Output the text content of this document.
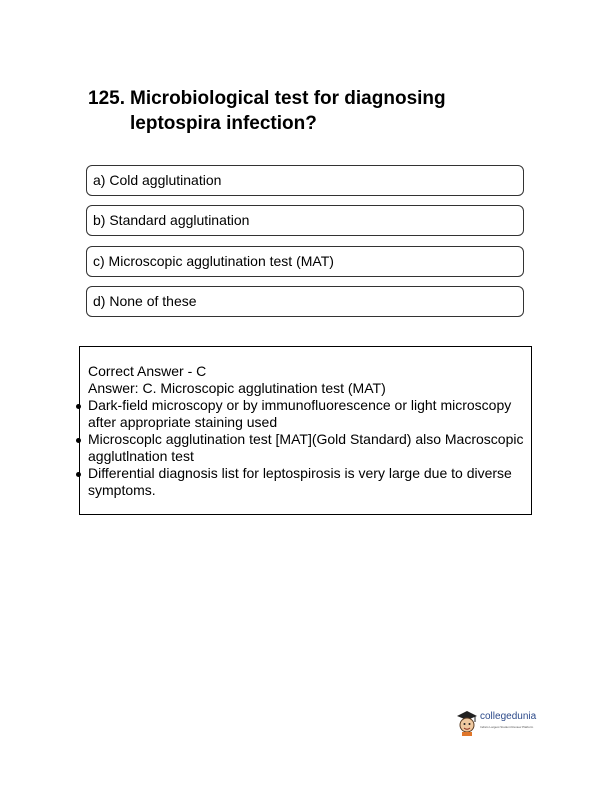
125. Microbiological test for diagnosing leptospira infection?
a) Cold agglutination
b) Standard agglutination
c) Microscopic agglutination test (MAT)
d) None of these
Correct Answer - C
Answer: C. Microscopic agglutination test (MAT)
Dark-field microscopy or by immunofluorescence or light microscopy after appropriate staining used
Microscoplc agglutination test [MAT](Gold Standard) also Macroscopic agglutlnation test
Differential diagnosis list for leptospirosis is very large due to diverse symptoms.
collegedunia
India's Largest Student Review Platform
